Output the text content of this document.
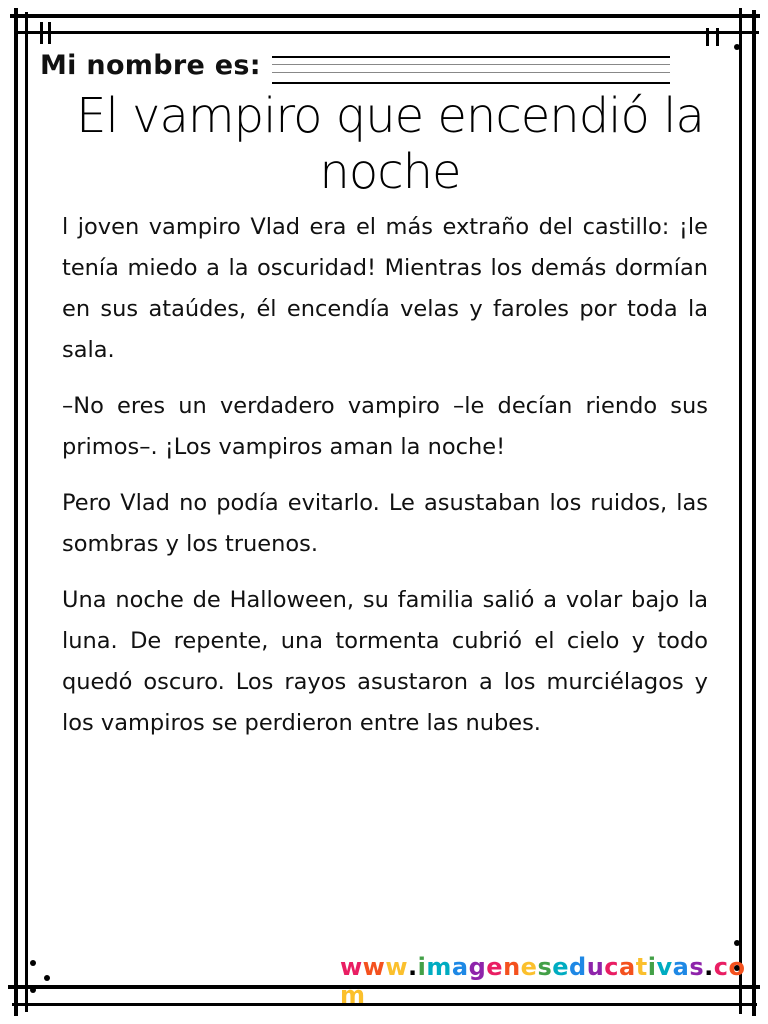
Mi nombre es:
El vampiro que encendió la noche

l joven vampiro Vlad era el más extraño del castillo: ¡le tenía miedo a la oscuridad! Mientras los demás dormían en sus ataúdes, él encendía velas y faroles por toda la sala.

–No eres un verdadero vampiro –le decían riendo sus primos–. ¡Los vampiros aman la noche!

Pero Vlad no podía evitarlo. Le asustaban los ruidos, las sombras y los truenos.

Una noche de Halloween, su familia salió a volar bajo la luna. De repente, una tormenta cubrió el cielo y todo quedó oscuro. Los rayos asustaron a los murciélagos y los vampiros se perdieron entre las nubes.

www.imageneseducativas.com
